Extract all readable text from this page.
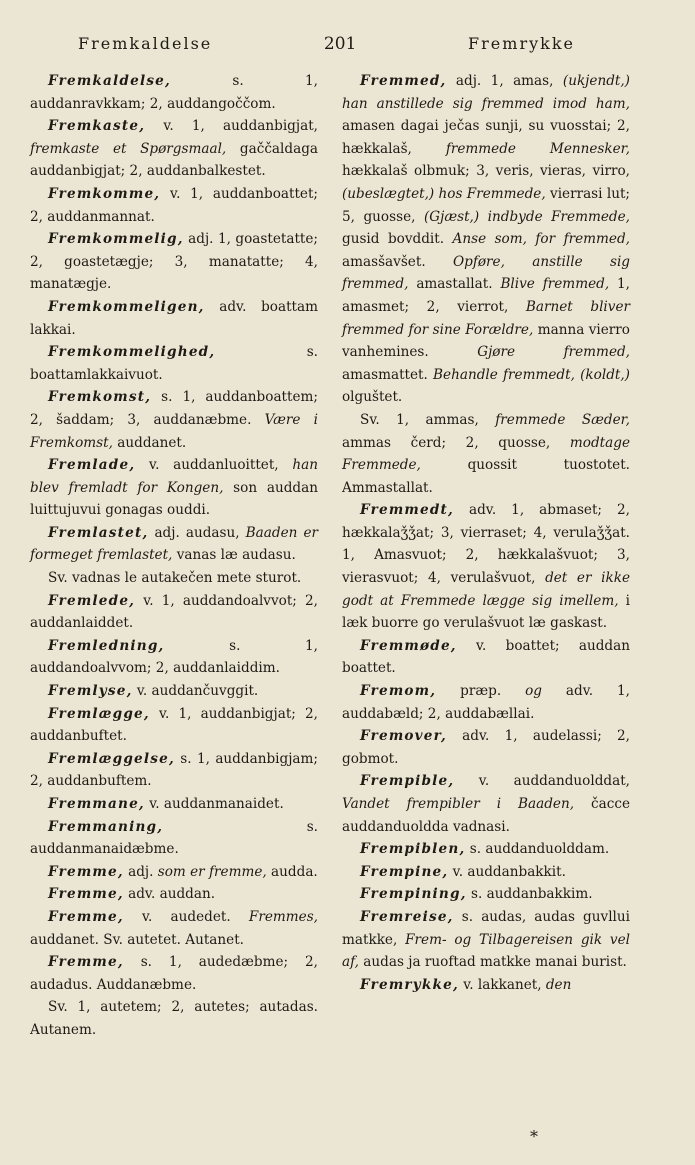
Fremkaldelse	201	Fremrykke

Fremkaldelse, s. 1, auddanravkkam; 2, auddangoččom.

Fremkaste, v. 1, auddanbigjat, fremkaste et Spørgsmaal, gaččaldaga auddanbigjat; 2, auddanbalkestet.

Fremkomme, v. 1, auddanboattet; 2, auddanmannat.

Fremkommelig, adj. 1, goastetatte; 2, goastetægje; 3, manatatte; 4, manatægje.

Fremkommeligen, adv. boattam lakkai.

Fremkommelighed, s. boattamlakkaivuot.

Fremkomst, s. 1, auddanboattem; 2, šaddam; 3, auddanæbme. Være i Fremkomst, auddanet.

Fremlade, v. auddanluoittet, han blev fremladt for Kongen, son auddan luittujuvui gonagas ouddi.

Fremlastet, adj. audasu, Baaden er formeget fremlastet, vanas læ audasu.

Sv. vadnas le autakečen mete sturot.

Fremlede, v. 1, auddandoalvvot; 2, auddanlaiddet.

Fremledning, s. 1, auddandoalvvom; 2, auddanlaiddim.

Fremlyse, v. auddančuvggit.

Fremlægge, v. 1, auddanbigjat; 2, auddanbuftet.

Fremlæggelse, s. 1, auddanbigjam; 2, auddanbuftem.

Fremmane, v. auddanmanaidet.

Fremmaning, s. auddanmanaidæbme.

Fremme, adj. som er fremme, audda.

Fremme, adv. auddan.

Fremme, v. audedet. Fremmes, auddanet. Sv. autetet. Autanet.

Fremme, s. 1, audedæbme; 2, audadus. Auddanæbme.

Sv. 1, autetem; 2, autetes; autadas. Autanem.

Fremmed, adj. 1, amas, (ukjendt,) han anstillede sig fremmed imod ham, amasen dagai ječas sunji, su vuosstai; 2, hækkalaš, fremmede Mennesker, hækkalaš olbmuk; 3, veris, vieras, virro, (ubeslægtet,) hos Fremmede, vierrasi lut; 5, guosse, (Gjæst,) indbyde Fremmede, gusid bovddit. Anse som, for fremmed, amasšavšet. Opføre, anstille sig fremmed, amastallat. Blive fremmed, 1, amasmet; 2, vierrot, Barnet bliver fremmed for sine Forældre, manna vierro vanhemines. Gjøre fremmed, amasmattet. Behandle fremmedt, (koldt,) olguštet.

Sv. 1, ammas, fremmede Sæder, ammas čerd; 2, quosse, modtage Fremmede, quossit tuostotet. Ammastallat.

Fremmedt, adv. 1, abmaset; 2, hækkalaǯǯat; 3, vierraset; 4, verulaǯǯat. 1, Amasvuot; 2, hækkalašvuot; 3, vierasvuot; 4, verulašvuot, det er ikke godt at Fremmede lægge sig imellem, i læk buorre go verulašvuot læ gaskast.

Fremmøde, v. boattet; auddan boattet.

Fremom, præp. og adv. 1, auddabæld; 2, auddabællai.

Fremover, adv. 1, audelassi; 2, gobmot.

Frempible, v. auddanduolddat, Vandet frempibler i Baaden, čacce auddanduoldda vadnasi.

Frempiblen, s. auddanduolddam.

Frempine, v. auddanbakkit.

Frempining, s. auddanbakkim.

Fremreise, s. audas, audas guvllui matkke, Frem- og Tilbagereisen gik vel af, audas ja ruoftad matkke manai burist.

Fremrykke, v. lakkanet, den

*
